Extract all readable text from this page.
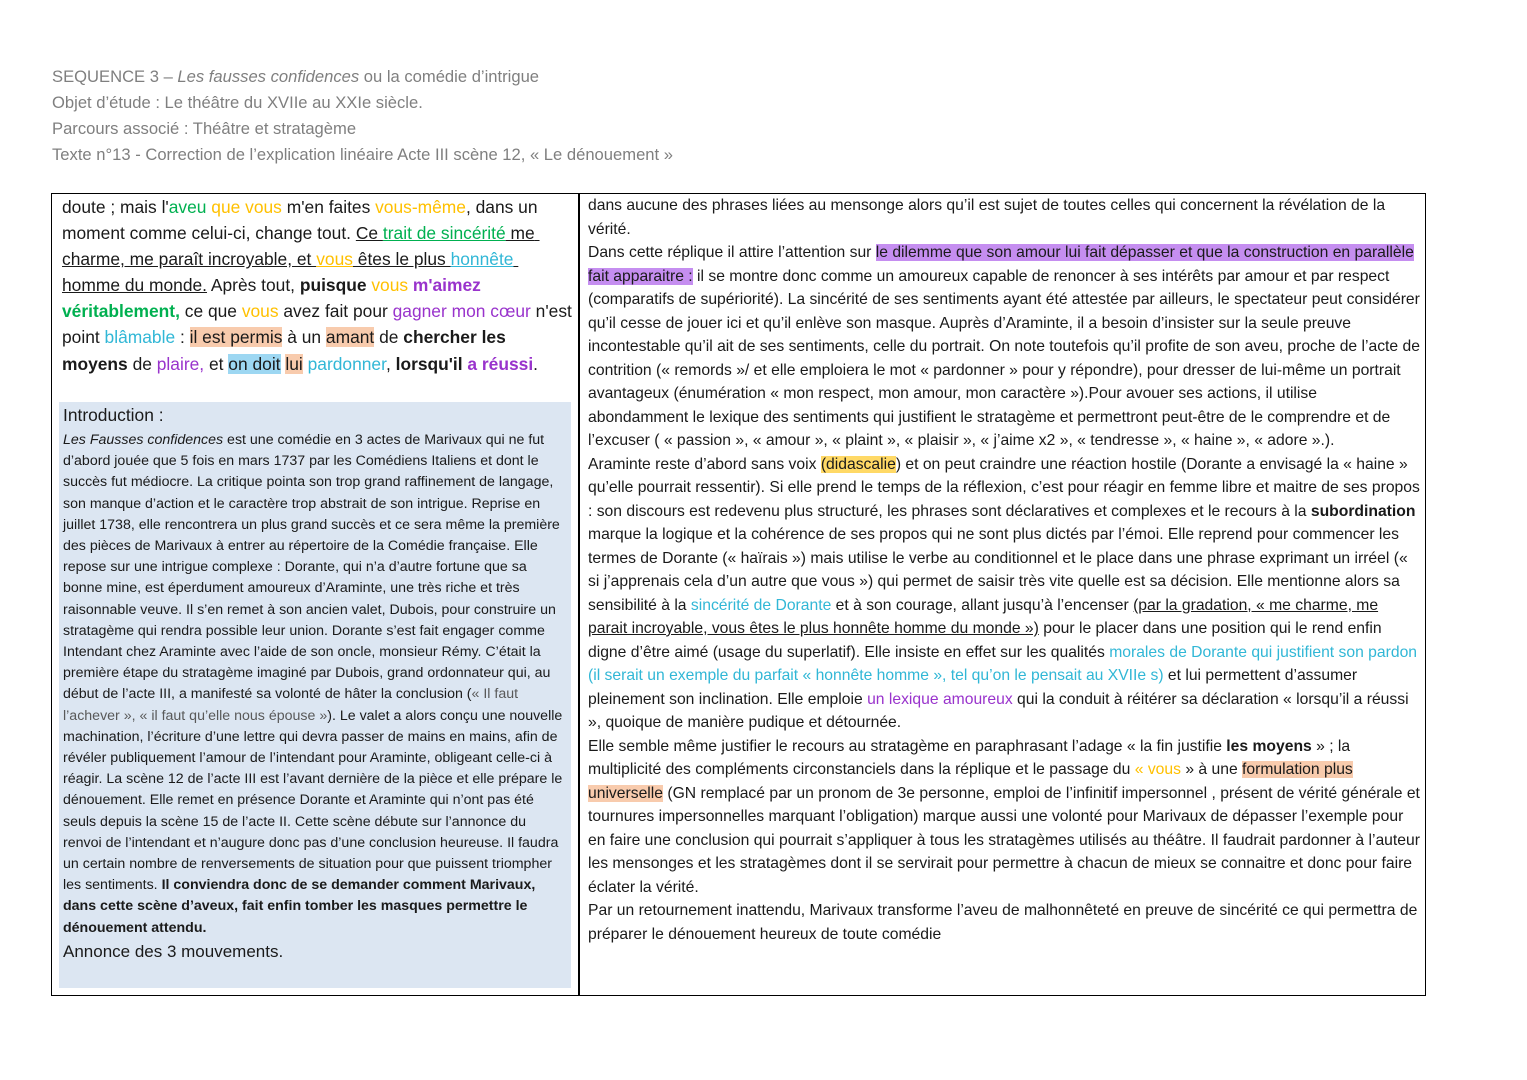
SEQUENCE 3 – Les fausses confidences ou la comédie d’intrigue
Objet d’étude : Le théâtre du XVIIe au XXIe siècle.
Parcours associé : Théâtre et stratagème
Texte n°13 - Correction de l’explication linéaire Acte III scène 12, « Le dénouement »
doute ; mais l'aveu que vous m'en faites vous-même, dans un moment comme celui-ci, change tout. Ce trait de sincérité me charme, me paraît incroyable, et vous êtes le plus honnête homme du monde. Après tout, puisque vous m'aimez véritablement, ce que vous avez fait pour gagner mon cœur n'est point blâmable : il est permis à un amant de chercher les moyens de plaire, et on doit lui pardonner, lorsqu'il a réussi.
Introduction :
Les Fausses confidences est une comédie en 3 actes de Marivaux qui ne fut d’abord jouée que 5 fois en mars 1737 par les Comédiens Italiens et dont le succès fut médiocre. La critique pointa son trop grand raffinement de langage, son manque d’action et le caractère trop abstrait de son intrigue. Reprise en juillet 1738, elle rencontrera un plus grand succès et ce sera même la première des pièces de Marivaux à entrer au répertoire de la Comédie française. Elle repose sur une intrigue complexe : Dorante, qui n’a d’autre fortune que sa bonne mine, est éperdument amoureux d’Araminte, une très riche et très raisonnable veuve. Il s’en remet à son ancien valet, Dubois, pour construire un stratagème qui rendra possible leur union. Dorante s’est fait engager comme Intendant chez Araminte avec l’aide de son oncle, monsieur Rémy. C’était la première étape du stratagème imaginé par Dubois, grand ordonnateur qui, au début de l’acte III, a manifesté sa volonté de hâter la conclusion (« Il faut l’achever », « il faut qu’elle nous épouse »). Le valet a alors conçu une nouvelle machination, l’écriture d’une lettre qui devra passer de mains en mains, afin de révéler publiquement l’amour de l’intendant pour Araminte, obligeant celle-ci à réagir. La scène 12 de l’acte III est l’avant dernière de la pièce et elle prépare le dénouement. Elle remet en présence Dorante et Araminte qui n’ont pas été seuls depuis la scène 15 de l’acte II. Cette scène débute sur l’annonce du renvoi de l’intendant et n’augure donc pas d’une conclusion heureuse. Il faudra un certain nombre de renversements de situation pour que puissent triompher les sentiments. Il conviendra donc de se demander comment Marivaux, dans cette scène d’aveux, fait enfin tomber les masques permettre le dénouement attendu.
Annonce des 3 mouvements.

dans aucune des phrases liées au mensonge alors qu’il est sujet de toutes celles qui concernent la révélation de la vérité.

Dans cette réplique il attire l’attention sur le dilemme que son amour lui fait dépasser et que la construction en parallèle fait apparaitre : il se montre donc comme un amoureux capable de renoncer à ses intérêts par amour et par respect (comparatifs de supériorité). La sincérité de ses sentiments ayant été attestée par ailleurs, le spectateur peut considérer qu’il cesse de jouer ici et qu’il enlève son masque. Auprès d’Araminte, il a besoin d’insister sur la seule preuve incontestable qu’il ait de ses sentiments, celle du portrait. On note toutefois qu’il profite de son aveu, proche de l’acte de contrition (« remords »/ et elle emploiera le mot « pardonner » pour y répondre), pour dresser de lui-même un portrait avantageux (énumération « mon respect, mon amour, mon caractère »).Pour avouer ses actions, il utilise abondamment le lexique des sentiments qui justifient le stratagème et permettront peut-être de le comprendre et de l’excuser ( « passion », « amour », « plaint », « plaisir », « j’aime x2 », « tendresse », « haine », « adore ».).

Araminte reste d’abord sans voix (didascalie) et on peut craindre une réaction hostile (Dorante a envisagé la « haine » qu’elle pourrait ressentir). Si elle prend le temps de la réflexion, c’est pour réagir en femme libre et maitre de ses propos : son discours est redevenu plus structuré, les phrases sont déclaratives et complexes et le recours à la subordination marque la logique et la cohérence de ses propos qui ne sont plus dictés par l’émoi. Elle reprend pour commencer les termes de Dorante (« haïrais ») mais utilise le verbe au conditionnel et le place dans une phrase exprimant un irréel (« si j’apprenais cela d’un autre que vous ») qui permet de saisir très vite quelle est sa décision. Elle mentionne alors sa sensibilité à la sincérité de Dorante et à son courage, allant jusqu’à l’encenser (par la gradation, « me charme, me parait incroyable, vous êtes le plus honnête homme du monde ») pour le placer dans une position qui le rend enfin digne d’être aimé (usage du superlatif). Elle insiste en effet sur les qualités morales de Dorante qui justifient son pardon (il serait un exemple du parfait « honnête homme », tel qu’on le pensait au XVIIe s) et lui permettent d’assumer pleinement son inclination. Elle emploie un lexique amoureux qui la conduit à réitérer sa déclaration « lorsqu’il a réussi », quoique de manière pudique et détournée.

Elle semble même justifier le recours au stratagème en paraphrasant l’adage « la fin justifie les moyens » ; la multiplicité des compléments circonstanciels dans la réplique et le passage du « vous » à une formulation plus universelle (GN remplacé par un pronom de 3e personne, emploi de l’infinitif impersonnel , présent de vérité générale et tournures impersonnelles marquant l’obligation) marque aussi une volonté pour Marivaux de dépasser l’exemple pour en faire une conclusion qui pourrait s’appliquer à tous les stratagèmes utilisés au théâtre. Il faudrait pardonner à l’auteur les mensonges et les stratagèmes dont il se servirait pour permettre à chacun de mieux se connaitre et donc pour faire éclater la vérité.

Par un retournement inattendu, Marivaux transforme l’aveu de malhonnêteté en preuve de sincérité ce qui permettra de préparer le dénouement heureux de toute comédie
